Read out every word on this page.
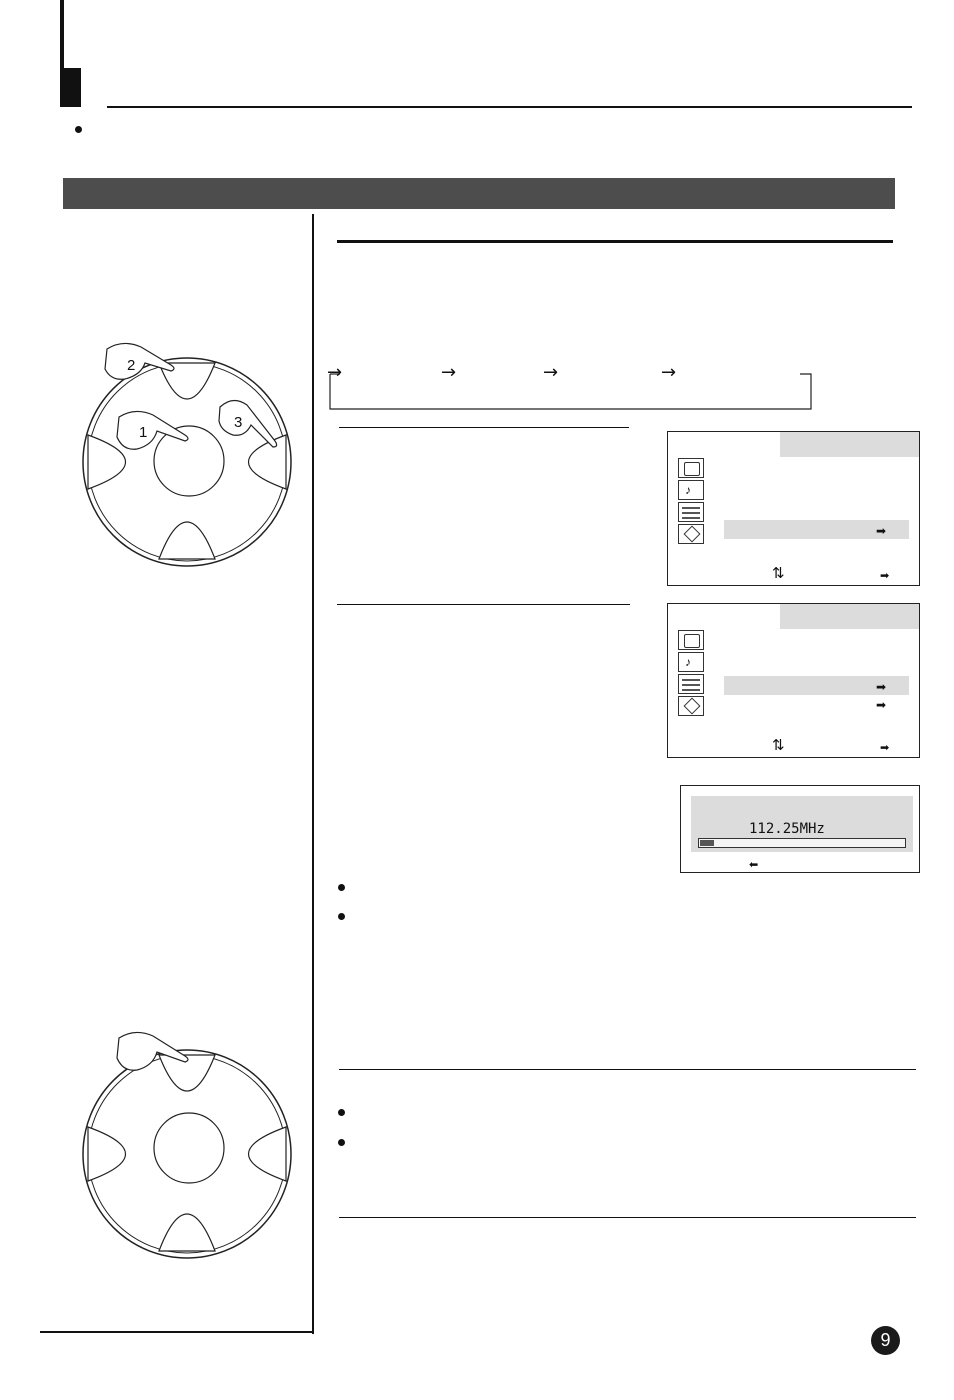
2
1
3
→	→	→	→
♪
➡
⇅	➡
♪
➡
➡
⇅	➡
112.25MHz
⬅
9
